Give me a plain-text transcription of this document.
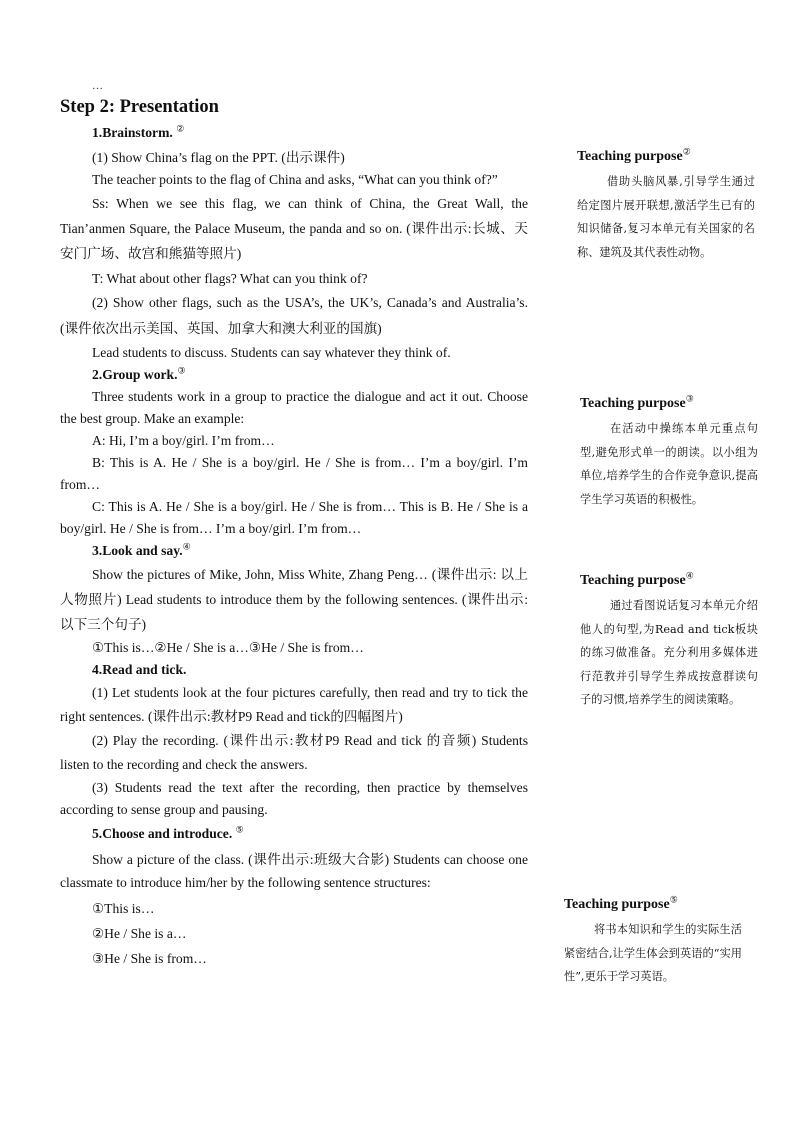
…
Step 2: Presentation
1.Brainstorm. ②

(1) Show China’s flag on the PPT. (出示课件)

The teacher points to the flag of China and asks, “What can you think of?”

Ss: When we see this flag, we can think of China, the Great Wall, the Tian’anmen Square, the Palace Museum, the panda and so on. (课件出示:长城、天安门广场、故宫和熊猫等照片)

T: What about other flags? What can you think of?

(2) Show other flags, such as the USA’s, the UK’s, Canada’s and Australia’s. (课件依次出示美国、英国、加拿大和澳大利亚的国旗)

Lead students to discuss. Students can say whatever they think of.

2.Group work.③

Three students work in a group to practice the dialogue and act it out. Choose the best group. Make an example:

A: Hi, I’m a boy/girl. I’m from…

B: This is A. He / She is a boy/girl. He / She is from… I’m a boy/girl. I’m from…

C: This is A. He / She is a boy/girl. He / She is from… This is B. He / She is a boy/girl. He / She is from… I’m a boy/girl. I’m from…

3.Look and say.④

Show the pictures of Mike, John, Miss White, Zhang Peng… (课件出示: 以上人物照片) Lead students to introduce them by the following sentences. (课件出示:以下三个句子)

①This is…②He / She is a…③He / She is from…

4.Read and tick.

(1) Let students look at the four pictures carefully, then read and try to tick the right sentences. (课件出示:教材P9 Read and tick的四幅图片)

(2) Play the recording. (课件出示:教材P9 Read and tick 的音频) Students listen to the recording and check the answers.

(3) Students read the text after the recording, then practice by themselves according to sense group and pausing.

5.Choose and introduce. ⑤

Show a picture of the class. (课件出示:班级大合影) Students can choose one classmate to introduce him/her by the following sentence structures:

①This is…

②He / She is a…

③He / She is from…

Teaching purpose②
借助头脑风暴,引导学生通过给定图片展开联想,激活学生已有的知识储备,复习本单元有关国家的名称、建筑及其代表性动物。
Teaching purpose③
在活动中操练本单元重点句型,避免形式单一的朗读。以小组为单位,培养学生的合作竞争意识,提高学生学习英语的积极性。
Teaching purpose④
通过看图说话复习本单元介绍他人的句型,为Read and tick板块的练习做准备。充分利用多媒体进行范教并引导学生养成按意群读句子的习惯,培养学生的阅读策略。
Teaching purpose⑤
将书本知识和学生的实际生活紧密结合,让学生体会到英语的“实用性”,更乐于学习英语。
